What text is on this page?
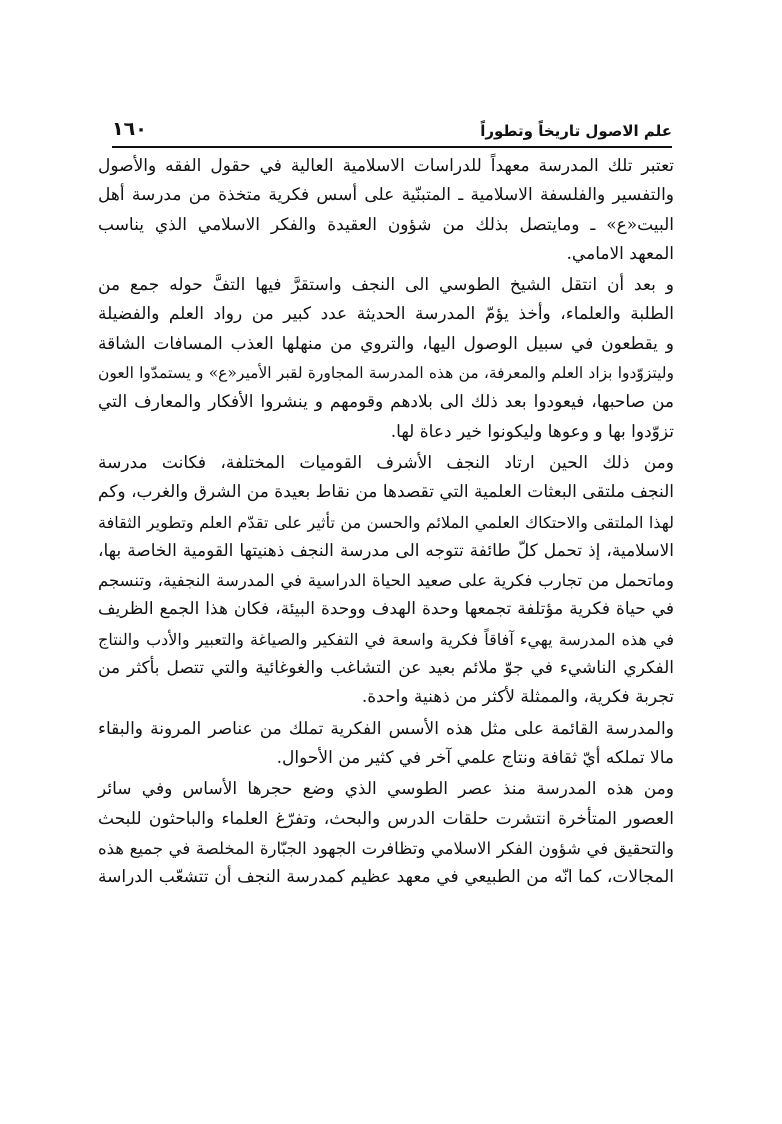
علم الاصول تاريخاً وتطوراً
١٦٠

تعتبر تلك المدرسة معهداً للدراسات الاسلامية العالية في حقول الفقه والأصول
والتفسير والفلسفة الاسلامية ـ المتبنّية على أسس فكرية متخذة من مدرسة أهل
البيت«ع» ـ ومايتصل بذلك من شؤون العقيدة والفكر الاسلامي الذي يناسب
المعهد الامامي.

و بعد أن انتقل الشيخ الطوسي الى النجف واستقرَّ فيها التفَّ حوله جمع من
الطلبة والعلماء، وأخذ يؤمّ المدرسة الحديثة عدد كبير من رواد العلم والفضيلة
و يقطعون في سبيل الوصول اليها، والتروي من منهلها العذب المسافات الشاقة
وليتزوّدوا بزاد العلم والمعرفة، من هذه المدرسة المجاورة لقبر الأمير«ع» و يستمدّوا العون
من صاحبها، فيعودوا بعد ذلك الى بلادهم وقومهم و ينشروا الأفكار والمعارف التي
تزوّدوا بها و وعوها وليكونوا خير دعاة لها.

ومن ذلك الحين ارتاد النجف الأشرف القوميات المختلفة، فكانت مدرسة
النجف ملتقى البعثات العلمية التي تقصدها من نقاط بعيدة من الشرق والغرب، وكم
لهذا الملتقى والاحتكاك العلمي الملائم والحسن من تأثير على تقدّم العلم وتطوير الثقافة
الاسلامية، إذ تحمل كلّ طائفة تتوجه الى مدرسة النجف ذهنيتها القومية الخاصة بها،
وماتحمل من تجارب فكرية على صعيد الحياة الدراسية في المدرسة النجفية، وتنسجم
في حياة فكرية مؤتلفة تجمعها وحدة الهدف ووحدة البيئة، فكان هذا الجمع الظريف
في هذه المدرسة يهيء آفاقاً فكرية واسعة في التفكير والصياغة والتعبير والأدب والنتاج
الفكري الناشيء في جوّ ملائم بعيد عن التشاغب والغوغائية والتي تتصل بأكثر من
تجربة فكرية، والممثلة لأكثر من ذهنية واحدة.

والمدرسة القائمة على مثل هذه الأسس الفكرية تملك من عناصر المرونة والبقاء
مالا تملكه أيّ ثقافة ونتاج علمي آخر في كثير من الأحوال.

ومن هذه المدرسة منذ عصر الطوسي الذي وضع حجرها الأساس وفي سائر
العصور المتأخرة انتشرت حلقات الدرس والبحث، وتفرّغ العلماء والباحثون للبحث
والتحقيق في شؤون الفكر الاسلامي وتظافرت الجهود الجبّارة المخلصة في جميع هذه
المجالات، كما انّه من الطبيعي في معهد عظيم كمدرسة النجف أن تتشعّب الدراسة
